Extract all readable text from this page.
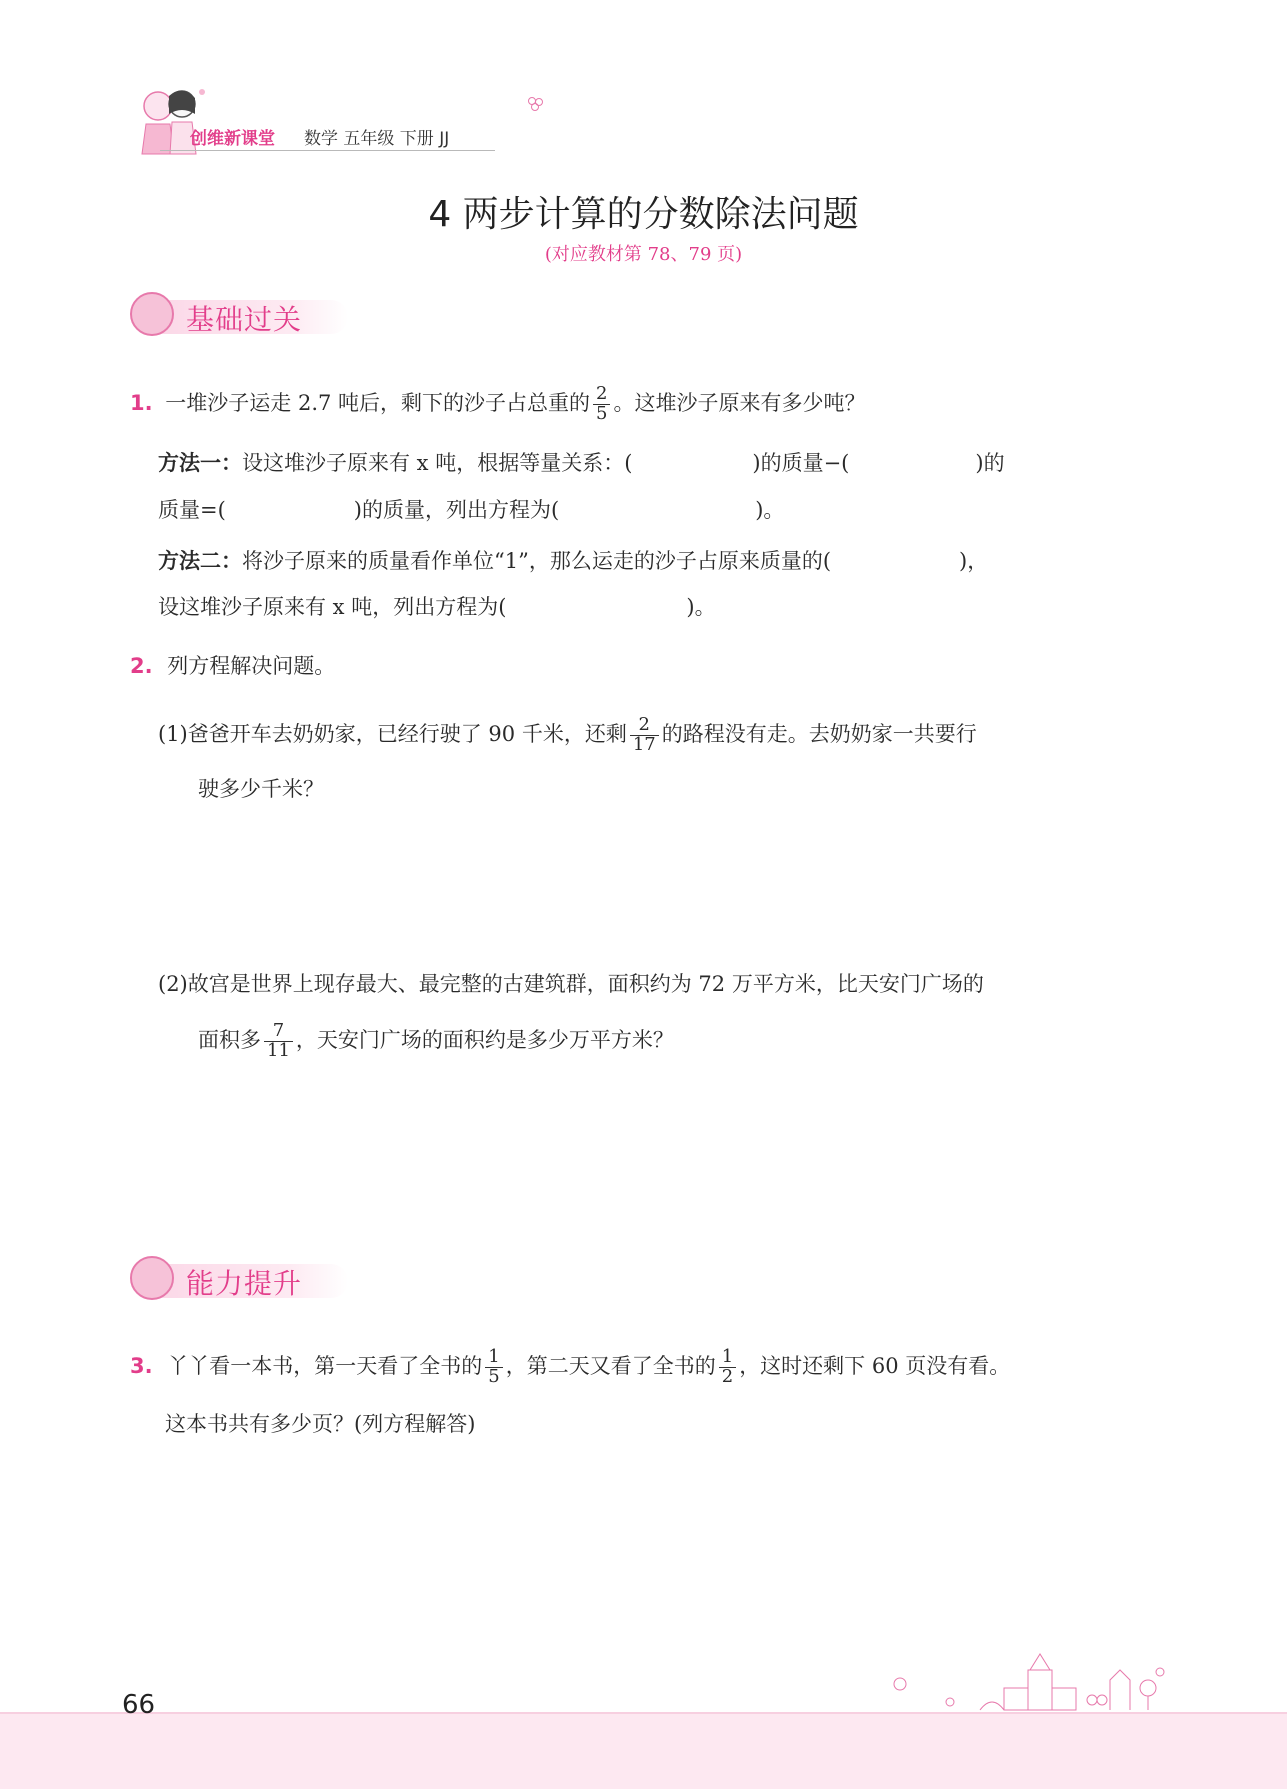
创维新课堂 数学 五年级 下册 JJ
4 两步计算的分数除法问题
(对应教材第 78、79 页)
基础过关
1. 一堆沙子运走 2.7 吨后，剩下的沙子占总重的 $\frac{2}{5}$ 。这堆沙子原来有多少吨？
方法一：设这堆沙子原来有 x 吨，根据等量关系：(	)的质量−(	)的
质量=(	)的质量，列出方程为(	)。
方法二：将沙子原来的质量看作单位“1”，那么运走的沙子占原来质量的(	)，
设这堆沙子原来有 x 吨，列出方程为(	)。
2. 列方程解决问题。
(1)爸爸开车去奶奶家，已经行驶了 90 千米，还剩 $\frac{2}{17}$ 的路程没有走。去奶奶家一共要行
驶多少千米？
(2)故宫是世界上现存最大、最完整的古建筑群，面积约为 72 万平方米，比天安门广场的
面积多 $\frac{7}{11}$ ，天安门广场的面积约是多少万平方米？
能力提升
3. 丫丫看一本书，第一天看了全书的 $\frac{1}{5}$ ，第二天又看了全书的 $\frac{1}{2}$ ，这时还剩下 60 页没有看。
这本书共有多少页？(列方程解答)
66
